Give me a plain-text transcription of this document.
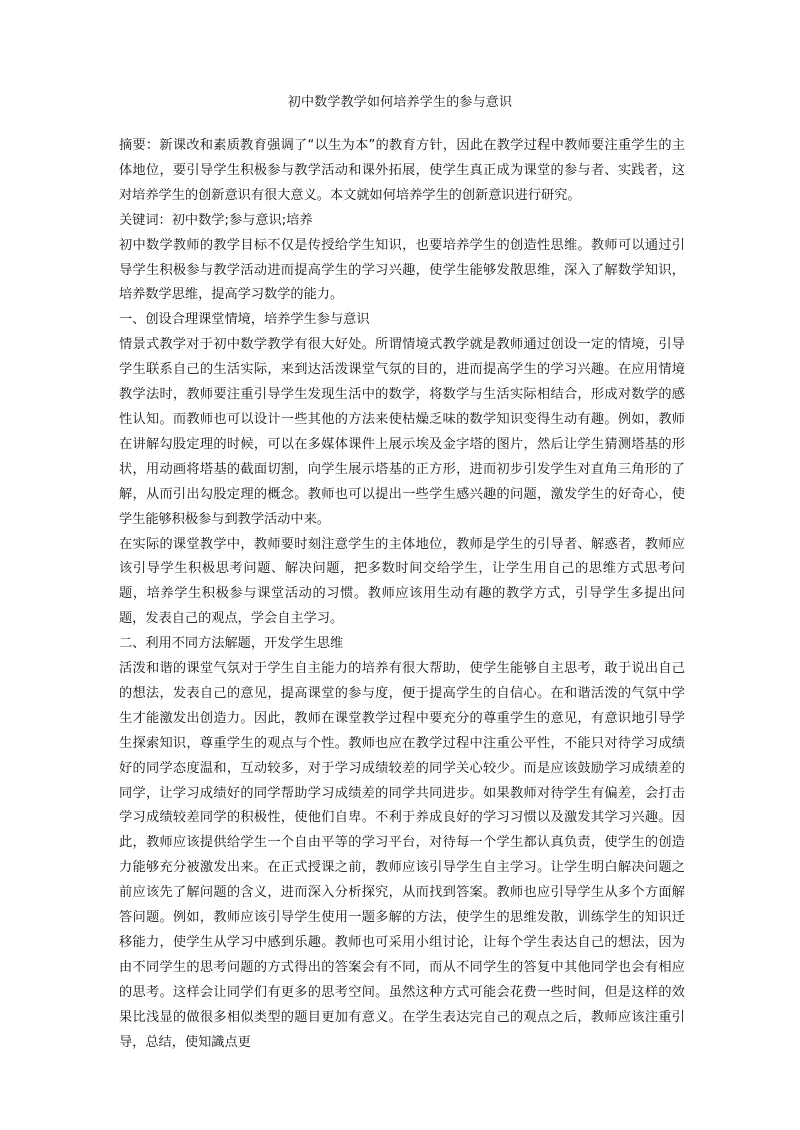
初中数学教学如何培养学生的参与意识

摘要：新课改和素质教育强调了“以生为本”的教育方针，因此在教学过程中教师要注重学生的主体地位，要引导学生积极参与教学活动和课外拓展，使学生真正成为课堂的参与者、实践者，这对培养学生的创新意识有很大意义。本文就如何培养学生的创新意识进行研究。

关键词：初中数学;参与意识;培养

初中数学教师的教学目标不仅是传授给学生知识，也要培养学生的创造性思维。教师可以通过引导学生积极参与教学活动进而提高学生的学习兴趣，使学生能够发散思维，深入了解数学知识，培养数学思维，提高学习数学的能力。

一、创设合理课堂情境，培养学生参与意识

情景式教学对于初中数学教学有很大好处。所谓情境式教学就是教师通过创设一定的情境，引导学生联系自己的生活实际，来到达活泼课堂气氛的目的，进而提高学生的学习兴趣。在应用情境教学法时，教师要注重引导学生发现生活中的数学，将数学与生活实际相结合，形成对数学的感性认知。而教师也可以设计一些其他的方法来使枯燥乏味的数学知识变得生动有趣。例如，教师在讲解勾股定理的时候，可以在多媒体课件上展示埃及金字塔的图片，然后让学生猜测塔基的形状，用动画将塔基的截面切割，向学生展示塔基的正方形，进而初步引发学生对直角三角形的了解，从而引出勾股定理的概念。教师也可以提出一些学生感兴趣的问题，激发学生的好奇心，使学生能够积极参与到教学活动中来。

在实际的课堂教学中，教师要时刻注意学生的主体地位，教师是学生的引导者、解惑者，教师应该引导学生积极思考问题、解决问题，把多数时间交给学生，让学生用自己的思维方式思考问题，培养学生积极参与课堂活动的习惯。教师应该用生动有趣的教学方式，引导学生多提出问题，发表自己的观点，学会自主学习。

二、利用不同方法解题，开发学生思维

活泼和谐的课堂气氛对于学生自主能力的培养有很大帮助，使学生能够自主思考，敢于说出自己的想法，发表自己的意见，提高课堂的参与度，便于提高学生的自信心。在和谐活泼的气氛中学生才能激发出创造力。因此，教师在课堂教学过程中要充分的尊重学生的意见，有意识地引导学生探索知识，尊重学生的观点与个性。教师也应在教学过程中注重公平性，不能只对待学习成绩好的同学态度温和，互动较多，对于学习成绩较差的同学关心较少。而是应该鼓励学习成绩差的同学，让学习成绩好的同学帮助学习成绩差的同学共同进步。如果教师对待学生有偏差，会打击学习成绩较差同学的积极性，使他们自卑。不利于养成良好的学习习惯以及激发其学习兴趣。因此，教师应该提供给学生一个自由平等的学习平台，对待每一个学生都认真负责，使学生的创造力能够充分被激发出来。在正式授课之前，教师应该引导学生自主学习。让学生明白解决问题之前应该先了解问题的含义，进而深入分析探究，从而找到答案。教师也应引导学生从多个方面解答问题。例如，教师应该引导学生使用一题多解的方法，使学生的思维发散，训练学生的知识迁移能力，使学生从学习中感到乐趣。教师也可采用小组讨论，让每个学生表达自己的想法，因为由不同学生的思考问题的方式得出的答案会有不同，而从不同学生的答复中其他同学也会有相应的思考。这样会让同学们有更多的思考空间。虽然这种方式可能会花费一些时间，但是这样的效果比浅显的做很多相似类型的题目更加有意义。在学生表达完自己的观点之后，教师应该注重引导，总结，使知識点更
